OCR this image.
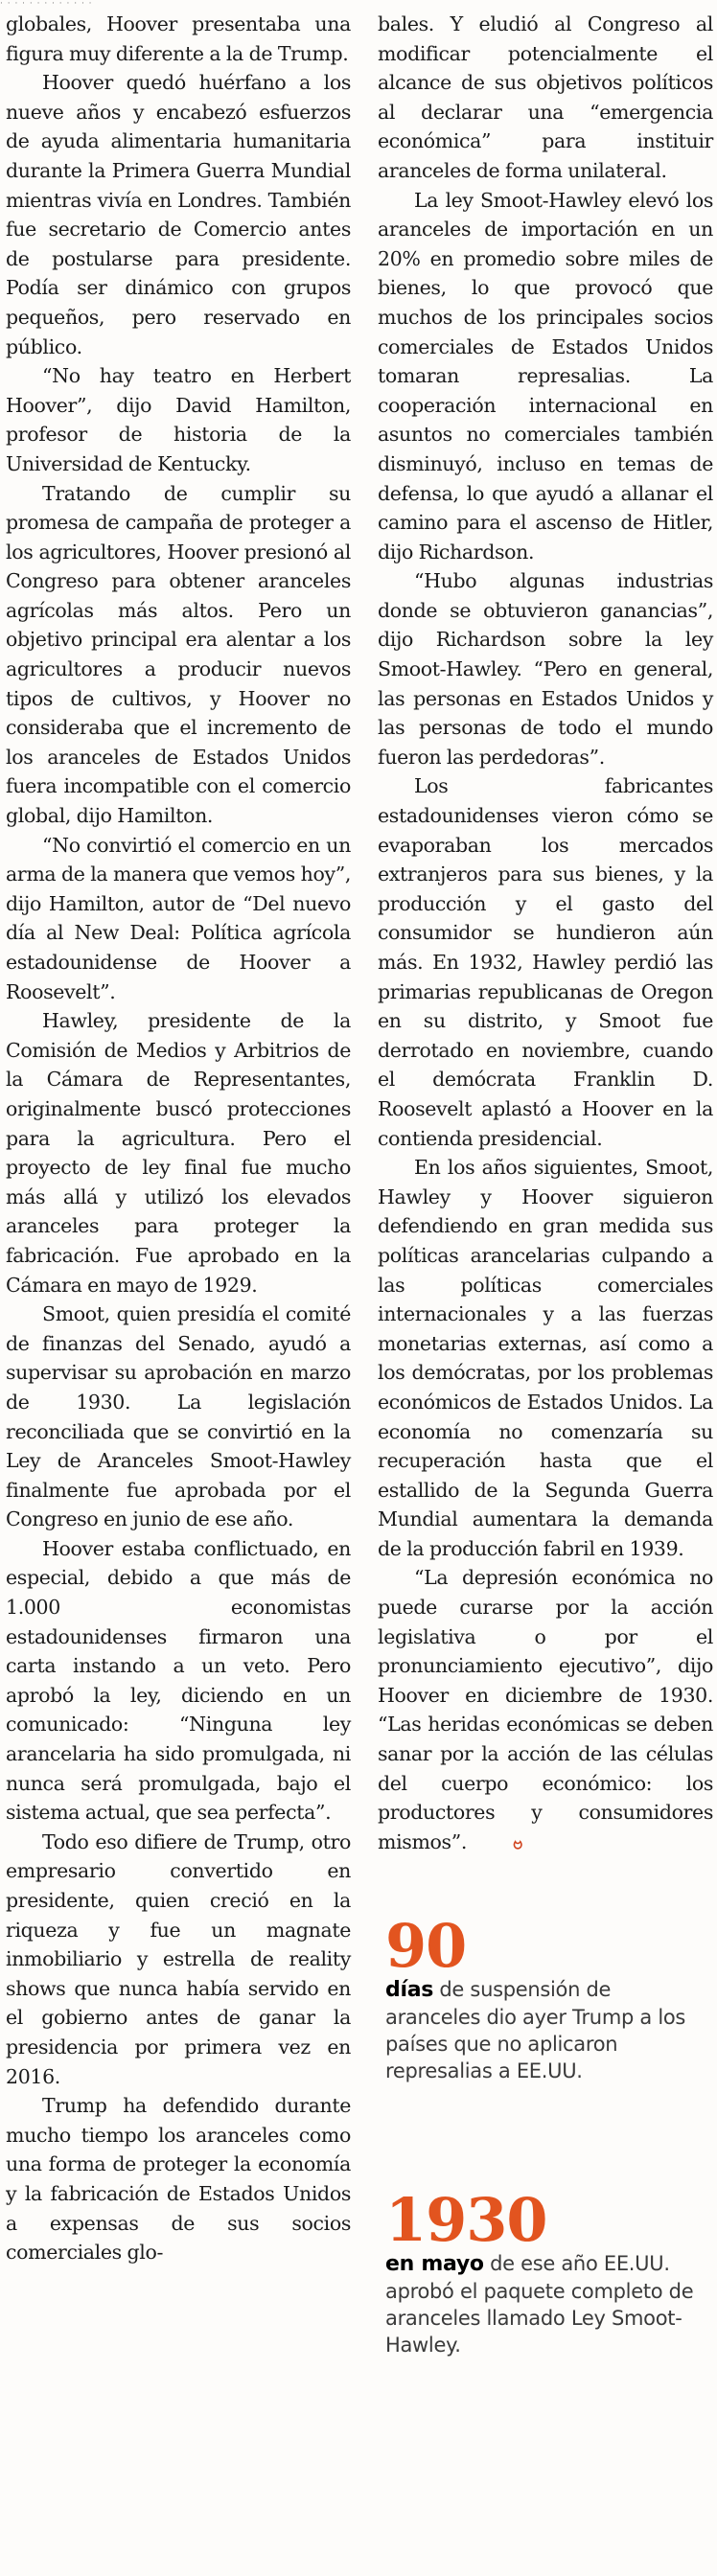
· · · · · · · · · · · · ·

globales, Hoover presentaba una figura muy diferente a la de Trump.

Hoover quedó huérfano a los nueve años y encabezó esfuerzos de ayuda alimentaria humanitaria durante la Primera Guerra Mundial mientras vivía en Londres. También fue secretario de Comercio antes de postularse para presidente. Podía ser dinámico con grupos pequeños, pero reservado en público.

“No hay teatro en Herbert Hoover”, dijo David Hamilton, profesor de historia de la Universidad de Kentucky.

Tratando de cumplir su promesa de campaña de proteger a los agricultores, Hoover presionó al Congreso para obtener aranceles agrícolas más altos. Pero un objetivo principal era alentar a los agricultores a producir nuevos tipos de cultivos, y Hoover no consideraba que el incremento de los aranceles de Estados Unidos fuera incompatible con el comercio global, dijo Hamilton.

“No convirtió el comercio en un arma de la manera que vemos hoy”, dijo Hamilton, autor de “Del nuevo día al New Deal: Política agrícola estadounidense de Hoover a Roosevelt”.

Hawley, presidente de la Comisión de Medios y Arbitrios de la Cámara de Representantes, originalmente buscó protecciones para la agricultura. Pero el proyecto de ley final fue mucho más allá y utilizó los elevados aranceles para proteger la fabricación. Fue aprobado en la Cámara en mayo de 1929.

Smoot, quien presidía el comité de finanzas del Senado, ayudó a supervisar su aprobación en marzo de 1930. La legislación reconciliada que se convirtió en la Ley de Aranceles Smoot-Hawley finalmente fue aprobada por el Congreso en junio de ese año.

Hoover estaba conflictuado, en especial, debido a que más de 1.000 economistas estadounidenses firmaron una carta instando a un veto. Pero aprobó la ley, diciendo en un comunicado: “Ninguna ley arancelaria ha sido promulgada, ni nunca será promulgada, bajo el sistema actual, que sea perfecta”.

Todo eso difiere de Trump, otro empresario convertido en presidente, quien creció en la riqueza y fue un magnate inmobiliario y estrella de reality shows que nunca había servido en el gobierno antes de ganar la presidencia por primera vez en 2016.

Trump ha defendido durante mucho tiempo los aranceles como una forma de proteger la economía y la fabricación de Estados Unidos a expensas de sus socios comerciales glo-

bales. Y eludió al Congreso al modificar potencialmente el alcance de sus objetivos políticos al declarar una “emergencia económica” para instituir aranceles de forma unilateral.

La ley Smoot-Hawley elevó los aranceles de importación en un 20% en promedio sobre miles de bienes, lo que provocó que muchos de los principales socios comerciales de Estados Unidos tomaran represalias. La cooperación internacional en asuntos no comerciales también disminuyó, incluso en temas de defensa, lo que ayudó a allanar el camino para el ascenso de Hitler, dijo Richardson.

“Hubo algunas industrias donde se obtuvieron ganancias”, dijo Richardson sobre la ley Smoot-Hawley. “Pero en general, las personas en Estados Unidos y las personas de todo el mundo fueron las perdedoras”.

Los fabricantes estadounidenses vieron cómo se evaporaban los mercados extranjeros para sus bienes, y la producción y el gasto del consumidor se hundieron aún más. En 1932, Hawley perdió las primarias republicanas de Oregon en su distrito, y Smoot fue derrotado en noviembre, cuando el demócrata Franklin D. Roosevelt aplastó a Hoover en la contienda presidencial.

En los años siguientes, Smoot, Hawley y Hoover siguieron defendiendo en gran medida sus políticas arancelarias culpando a las políticas comerciales internacionales y a las fuerzas monetarias externas, así como a los demócratas, por los problemas económicos de Estados Unidos. La economía no comenzaría su recuperación hasta que el estallido de la Segunda Guerra Mundial aumentara la demanda de la producción fabril en 1939.

“La depresión económica no puede curarse por la acción legislativa o por el pronunciamiento ejecutivo”, dijo Hoover en diciembre de 1930. “Las heridas económicas se deben sanar por la acción de las células del cuerpo económico: los productores y consumidores mismos”.	ဗ

90
días de suspensión de aranceles dio ayer Trump a los países que no aplicaron represalias a EE.UU.
1930
en mayo de ese año EE.UU. aprobó el paquete completo de aranceles llamado Ley Smoot-Hawley.
